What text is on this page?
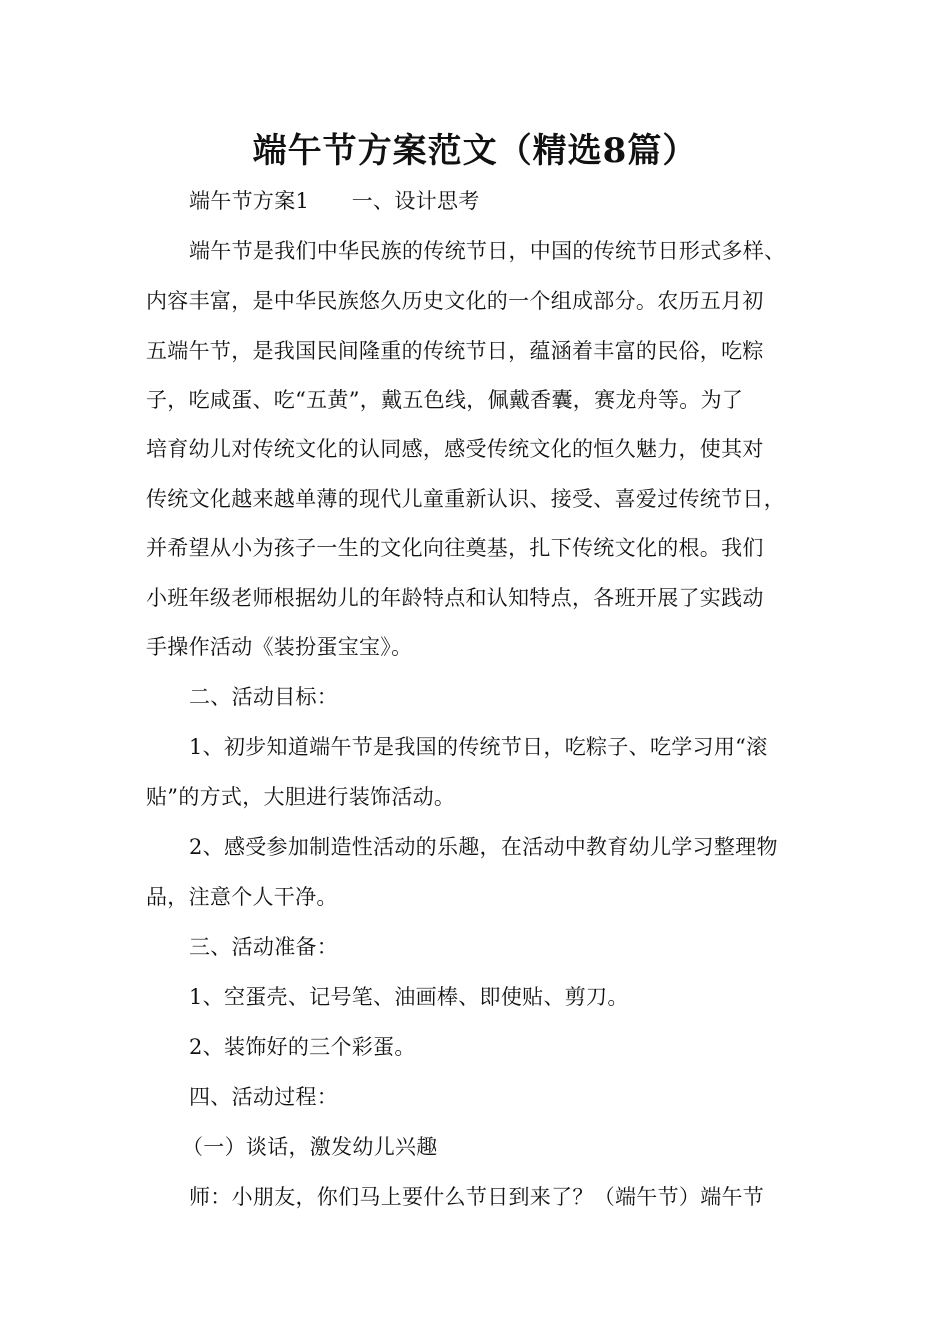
端午节方案范文（精选8篇）
端午节方案1　　一、设计思考
端午节是我们中华民族的传统节日，中国的传统节日形式多样、
内容丰富，是中华民族悠久历史文化的一个组成部分。农历五月初
五端午节，是我国民间隆重的传统节日，蕴涵着丰富的民俗，吃粽
子，吃咸蛋、吃“五黄”，戴五色线，佩戴香囊，赛龙舟等。为了
培育幼儿对传统文化的认同感，感受传统文化的恒久魅力，使其对
传统文化越来越单薄的现代儿童重新认识、接受、喜爱过传统节日，
并希望从小为孩子一生的文化向往奠基，扎下传统文化的根。我们
小班年级老师根据幼儿的年龄特点和认知特点，各班开展了实践动
手操作活动《装扮蛋宝宝》。
二、活动目标：
1、初步知道端午节是我国的传统节日，吃粽子、吃学习用“滚
贴”的方式，大胆进行装饰活动。
2、感受参加制造性活动的乐趣，在活动中教育幼儿学习整理物
品，注意个人干净。
三、活动准备：
1、空蛋壳、记号笔、油画棒、即使贴、剪刀。
2、装饰好的三个彩蛋。
四、活动过程：
（一）谈话，激发幼儿兴趣
师：小朋友，你们马上要什么节日到来了？（端午节）端午节
